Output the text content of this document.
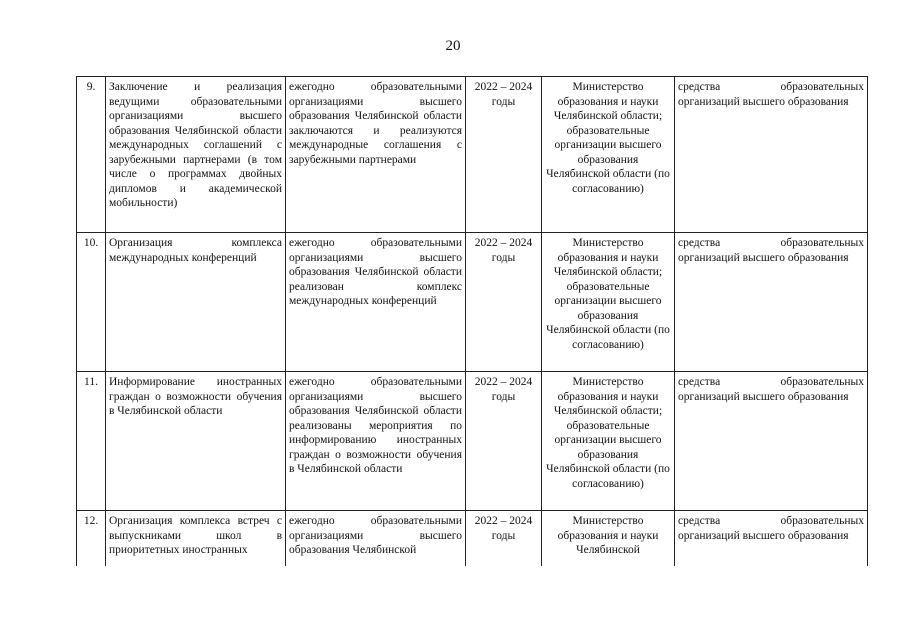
20
9.	Заключение и реализация ведущими образовательными организациями высшего образования Челябинской области международных соглашений с зарубежными партнерами (в том числе о программах двойных дипломов и академической мобильности)	ежегодно образовательными организациями высшего образования Челябинской области заключаются и реализуются международные соглашения с зарубежными партнерами	2022 – 2024 годы	Министерство образования и науки Челябинской области;
образовательные организации высшего образования Челябинской области (по согласованию)	средства образовательных организаций высшего образования
10.	Организация комплекса международных конференций	ежегодно образовательными организациями высшего образования Челябинской области реализован комплекс международных конференций	2022 – 2024 годы	Министерство образования и науки Челябинской области;
образовательные организации высшего образования Челябинской области (по согласованию)	средства образовательных организаций высшего образования
11.	Информирование иностранных граждан о возможности обучения в Челябинской области	ежегодно образовательными организациями высшего образования Челябинской области реализованы мероприятия по информированию иностранных граждан о возможности обучения в Челябинской области	2022 – 2024 годы	Министерство образования и науки Челябинской области;
образовательные организации высшего образования Челябинской области (по согласованию)	средства образовательных организаций высшего образования
12.	Организация комплекса встреч с выпускниками школ в приоритетных иностранных	ежегодно образовательными организациями высшего образования Челябинской	2022 – 2024 годы	Министерство образования и науки Челябинской	средства образовательных организаций высшего образования
